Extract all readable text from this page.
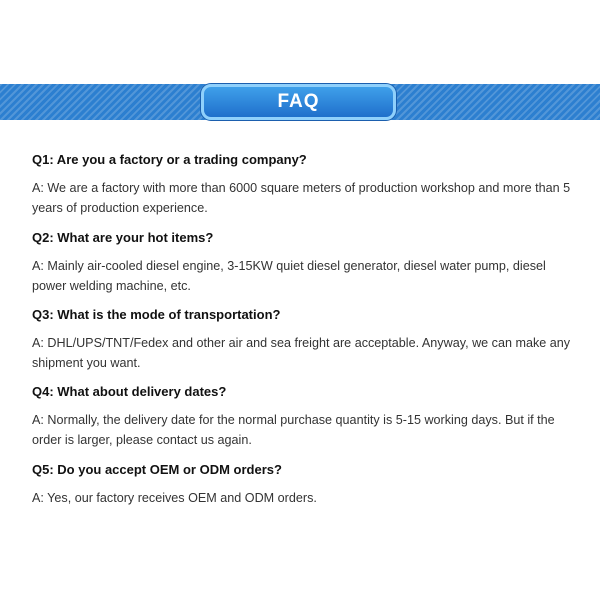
FAQ

Q1: Are you a factory or a trading company?

A: We are a factory with more than 6000 square meters of production workshop and more than 5 years of production experience.

Q2: What are your hot items?

A: Mainly air-cooled diesel engine, 3-15KW quiet diesel generator, diesel water pump, diesel power welding machine, etc.

Q3: What is the mode of transportation?

A: DHL/UPS/TNT/Fedex and other air and sea freight are acceptable. Anyway, we can make any shipment you want.

Q4: What about delivery dates?

A: Normally, the delivery date for the normal purchase quantity is 5-15 working days. But if the order is larger, please contact us again.

Q5: Do you accept OEM or ODM orders?

A: Yes, our factory receives OEM and ODM orders.
